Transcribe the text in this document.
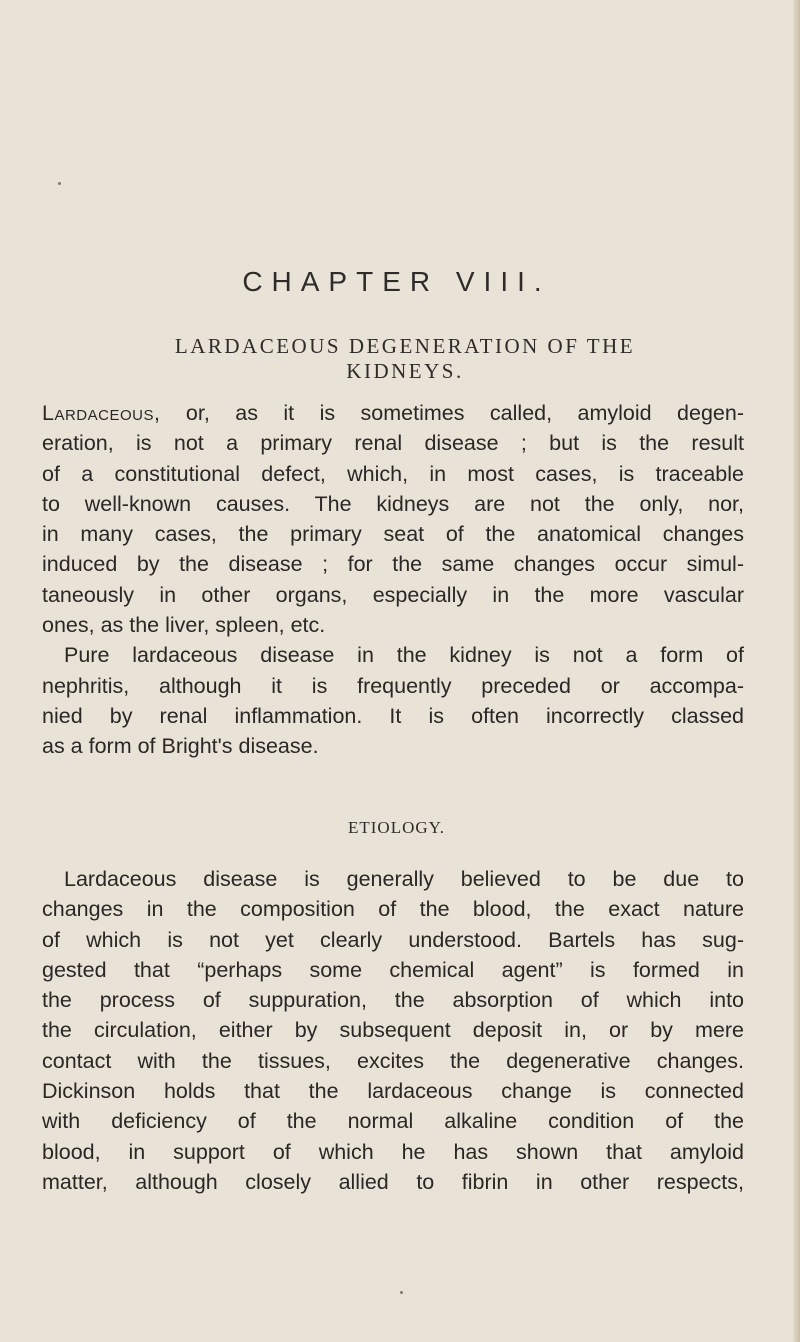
CHAPTER VIII.
LARDACEOUS DEGENERATION OF THE
KIDNEYS.
Lardaceous, or, as it is sometimes called, amyloid degen-
eration, is not a primary renal disease ; but is the result
of a constitutional defect, which, in most cases, is traceable
to well-known causes. The kidneys are not the only, nor,
in many cases, the primary seat of the anatomical changes
induced by the disease ; for the same changes occur simul-
taneously in other organs, especially in the more vascular
ones, as the liver, spleen, etc.
Pure lardaceous disease in the kidney is not a form of
nephritis, although it is frequently preceded or accompa-
nied by renal inflammation. It is often incorrectly classed
as a form of Bright's disease.
ETIOLOGY.
Lardaceous disease is generally believed to be due to
changes in the composition of the blood, the exact nature
of which is not yet clearly understood. Bartels has sug-
gested that “perhaps some chemical agent” is formed in
the process of suppuration, the absorption of which into
the circulation, either by subsequent deposit in, or by mere
contact with the tissues, excites the degenerative changes.
Dickinson holds that the lardaceous change is connected
with deficiency of the normal alkaline condition of the
blood, in support of which he has shown that amyloid
matter, although closely allied to fibrin in other respects,
